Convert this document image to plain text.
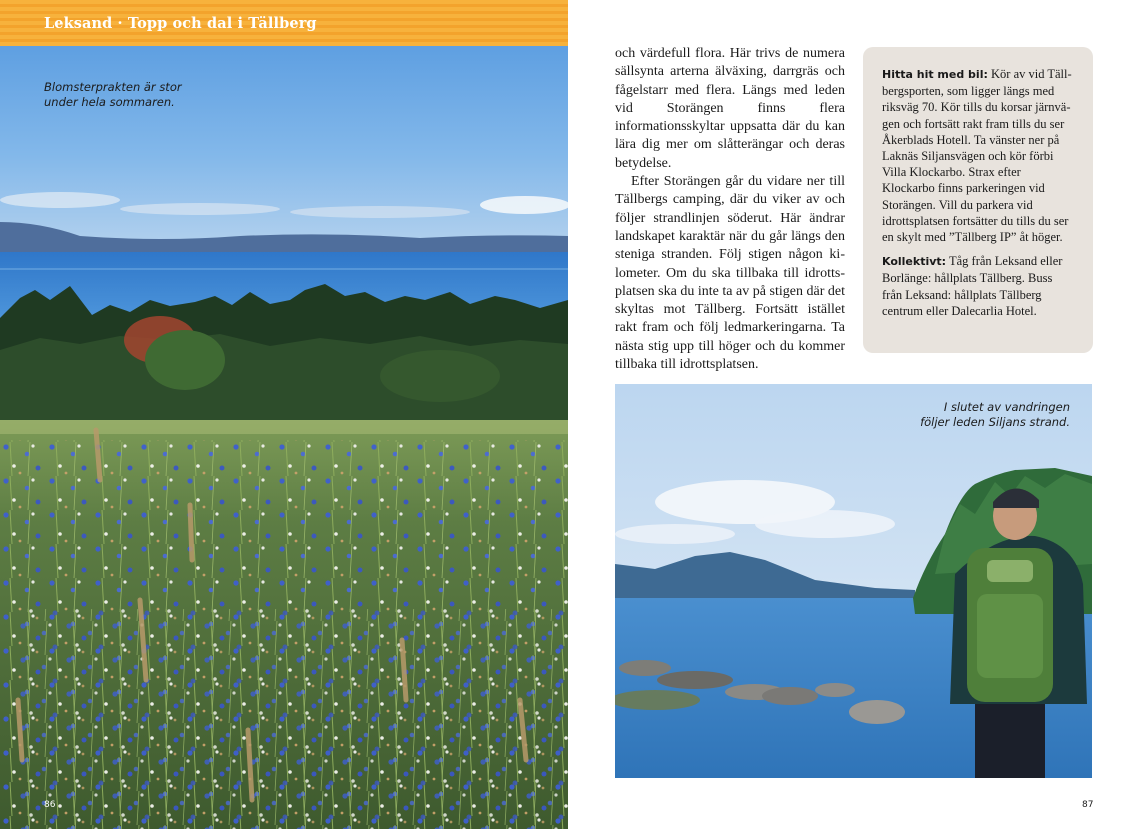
Leksand · Topp och dal i Tällberg
Blomsterprakten är stor
under hela sommaren.
86

och värdefull flora. Här trivs de numera sällsynta arterna älväxing, darrgräs och fågelstarr med flera. Längs med leden vid Storängen finns flera informationsskyltar uppsatta där du kan lära dig mer om slåtterängar och deras betydelse.

Efter Storängen går du vidare ner till Tällbergs camping, där du viker av och följer strandlinjen söderut. Här ändrar landskapet karaktär när du går längs den steniga stranden. Följ stigen någon kilometer. Om du ska tillbaka till idrottsplatsen ska du inte ta av på stigen där det skyltas mot Tällberg. Fortsätt istället rakt fram och följ ledmarkeringarna. Ta nästa stig upp till höger och du kommer tillbaka till idrottsplatsen.

Hitta hit med bil: Kör av vid Tällbergsporten, som ligger längs med riksväg 70. Kör tills du korsar järnvägen och fortsätt rakt fram tills du ser Åkerblads Hotell. Ta vänster ner på Laknäs Siljansvägen och kör förbi Villa Klockarbo. Strax efter Klockarbo finns parkeringen vid Storängen. Vill du parkera vid idrottsplatsen fortsätter du tills du ser en skylt med ”Tällberg IP” åt höger.

Kollektivt: Tåg från Leksand eller Borlänge: hållplats Tällberg. Buss från Leksand: hållplats Tällberg centrum eller Dalecarlia Hotel.

I slutet av vandringen
följer leden Siljans strand.
87
